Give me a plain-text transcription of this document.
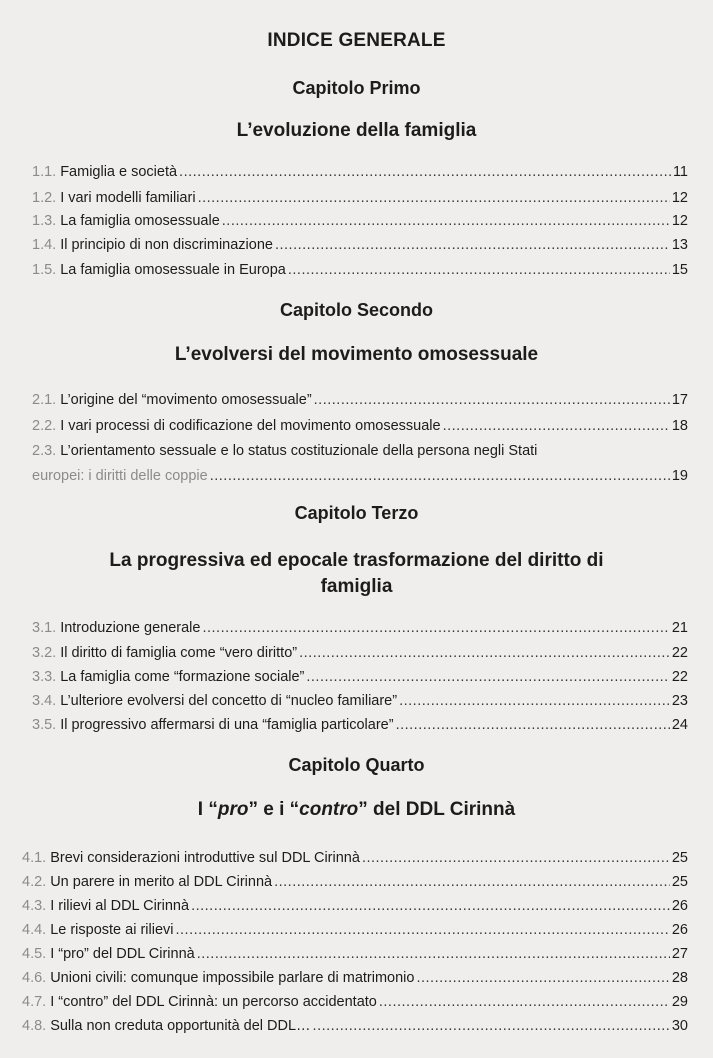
INDICE GENERALE
Capitolo Primo
L’evoluzione della famiglia
1.1. Famiglia e società .....	11
1.2. I vari modelli familiari .....	12
1.3. La famiglia omosessuale .....	12
1.4. Il principio di non discriminazione .....	13
1.5. La famiglia omosessuale in Europa .....	15
Capitolo Secondo
L’evolversi del movimento omosessuale
2.1. L’origine del “movimento omosessuale” .....	17
2.2. I vari processi di codificazione del movimento omosessuale .....	18
2.3. L’orientamento sessuale e lo status costituzionale della persona negli Stati
europei: i diritti delle coppie .....	19
Capitolo Terzo
La progressiva ed epocale trasformazione del diritto di
famiglia
3.1. Introduzione generale .....	21
3.2. Il diritto di famiglia come “vero diritto” .....	22
3.3. La famiglia come “formazione sociale” .....	22
3.4. L’ulteriore evolversi del concetto di “nucleo familiare” .....	23
3.5. Il progressivo affermarsi di una “famiglia particolare” .....	24
Capitolo Quarto
I “pro” e i “contro” del DDL Cirinnà
4.1. Brevi considerazioni introduttive sul DDL Cirinnà .....	25
4.2. Un parere in merito al DDL Cirinnà .....	25
4.3. I rilievi al DDL Cirinnà .....	26
4.4. Le risposte ai rilievi .....	26
4.5. I “pro” del DDL Cirinnà .....	27
4.6. Unioni civili: comunque impossibile parlare di matrimonio .....	28
4.7. I “contro” del DDL Cirinnà: un percorso accidentato .....	29
4.8. Sulla non creduta opportunità del DDL… .....	30
